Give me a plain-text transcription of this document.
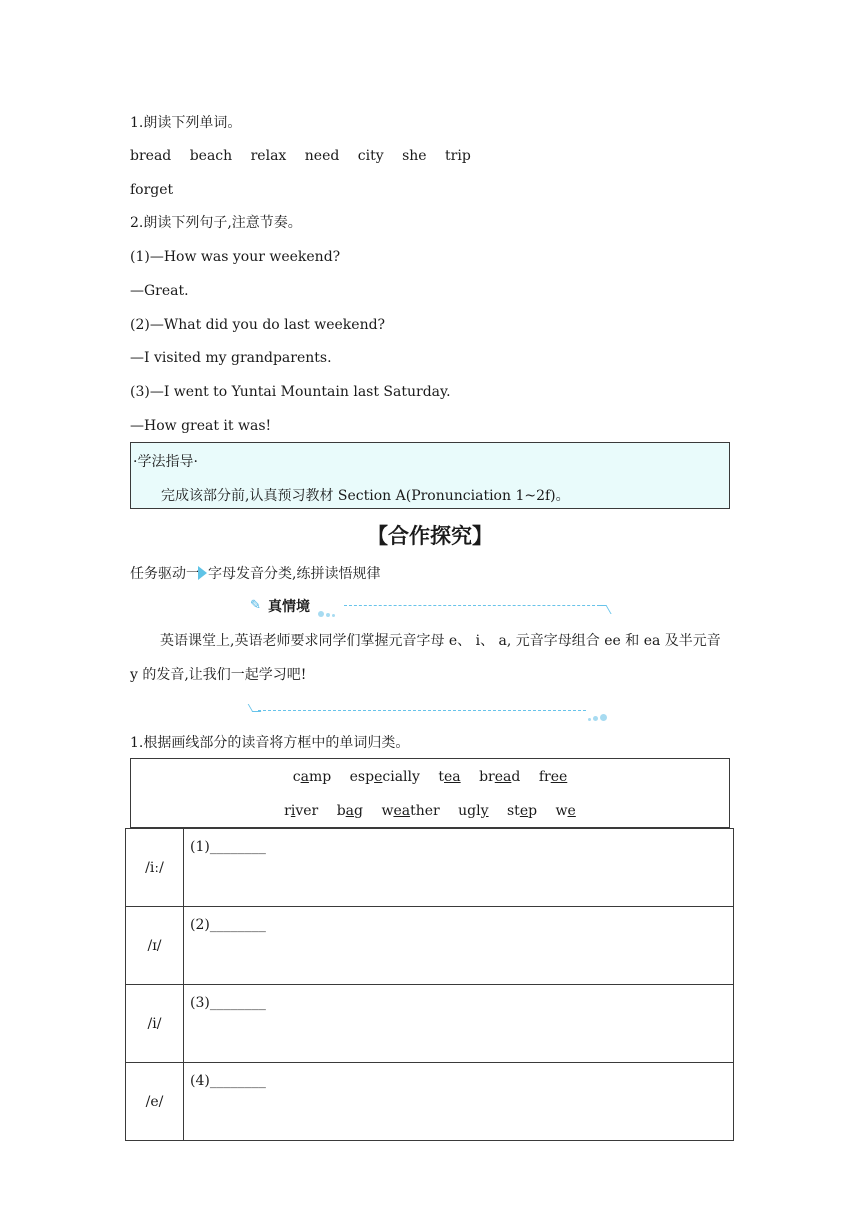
1.朗读下列单词。
bread beach relax need city she trip
forget
2.朗读下列句子,注意节奏。
(1)—How was your weekend?
—Great.
(2)—What did you do last weekend?
—I visited my grandparents.
(3)—I went to Yuntai Mountain last Saturday.
—How great it was!
·学法指导·
完成该部分前,认真预习教材 Section A(Pronunciation 1~2f)。
【合作探究】
任务驱动一 字母发音分类,练拼读悟规律
✎ 真情境
英语课堂上,英语老师要求同学们掌握元音字母 e、 i、 a, 元音字母组合 ee 和 ea 及半元音 y 的发音,让我们一起学习吧!
1.根据画线部分的读音将方框中的单词归类。
camp especially tea bread free
river bag weather ugly step we
/iː/	(1)________
/ɪ/	(2)________
/i/	(3)________
/e/	(4)________
